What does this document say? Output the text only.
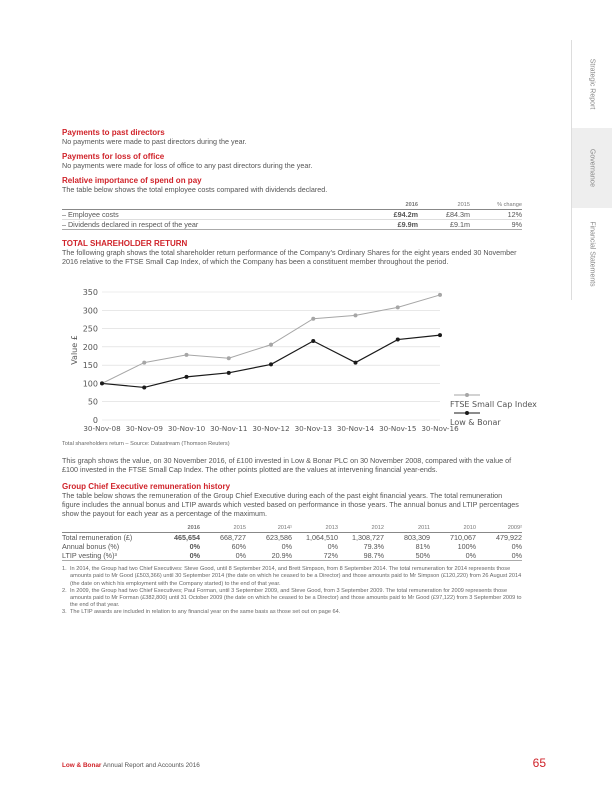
Strategic Report
Governance
Financial Statements
Payments to past directors
No payments were made to past directors during the year.
Payments for loss of office
No payments were made for loss of office to any past directors during the year.
Relative importance of spend on pay
The table below shows the total employee costs compared with dividends declared.
	2016	2015	% change
– Employee costs	£94.2m	£84.3m	12%
– Dividends declared in respect of the year	£9.9m	£9.1m	9%
TOTAL SHAREHOLDER RETURN
The following graph shows the total shareholder return performance of the Company’s Ordinary Shares for the eight years ended 30 November 2016 relative to the FTSE Small Cap Index, of which the Company has been a constituent member throughout the period.
0
50
100
150
200
250
300
350
30-Nov-08 30-Nov-09 30-Nov-10 30-Nov-11 30-Nov-12 30-Nov-13 30-Nov-14 30-Nov-15 30-Nov-16
FTSE Small Cap Index
Low & Bonar
Value £
Total shareholders return – Source: Datastream (Thomson Reuters)
This graph shows the value, on 30 November 2016, of £100 invested in Low & Bonar PLC on 30 November 2008, compared with the value of £100 invested in the FTSE Small Cap Index. The other points plotted are the values at intervening financial year-ends.
Group Chief Executive remuneration history
The table below shows the remuneration of the Group Chief Executive during each of the past eight financial years. The total remuneration figure includes the annual bonus and LTIP awards which vested based on performance in those years. The annual bonus and LTIP percentages show the payout for each year as a percentage of the maximum.
	2016	2015	2014¹	2013	2012	2011	2010	2009²
Total remuneration (£)	465,654	668,727	623,586	1,064,510	1,308,727	803,309	710,067	479,922
Annual bonus (%)	0%	60%	0%	0%	79.3%	81%	100%	0%
LTIP vesting (%)³	0%	0%	20.9%	72%	98.7%	50%	0%	0%
1. In 2014, the Group had two Chief Executives: Steve Good, until 8 September 2014, and Brett Simpson, from 8 September 2014. The total remuneration for 2014 represents those amounts paid to Mr Good (£503,366) until 30 September 2014 (the date on which he ceased to be a Director) and those amounts paid to Mr Simpson (£120,220) from 26 August 2014 (the date on which his employment with the Company started) to the end of that year.
2. In 2009, the Group had two Chief Executives; Paul Forman, until 3 September 2009, and Steve Good, from 3 September 2009. The total remuneration for 2009 represents those amounts paid to Mr Forman (£382,800) until 31 October 2009 (the date on which he ceased to be a Director) and those amounts paid to Mr Good (£97,122) from 3 September 2009 to the end of that year.
3. The LTIP awards are included in relation to any financial year on the same basis as those set out on page 64.
Low & Bonar Annual Report and Accounts 2016	65
